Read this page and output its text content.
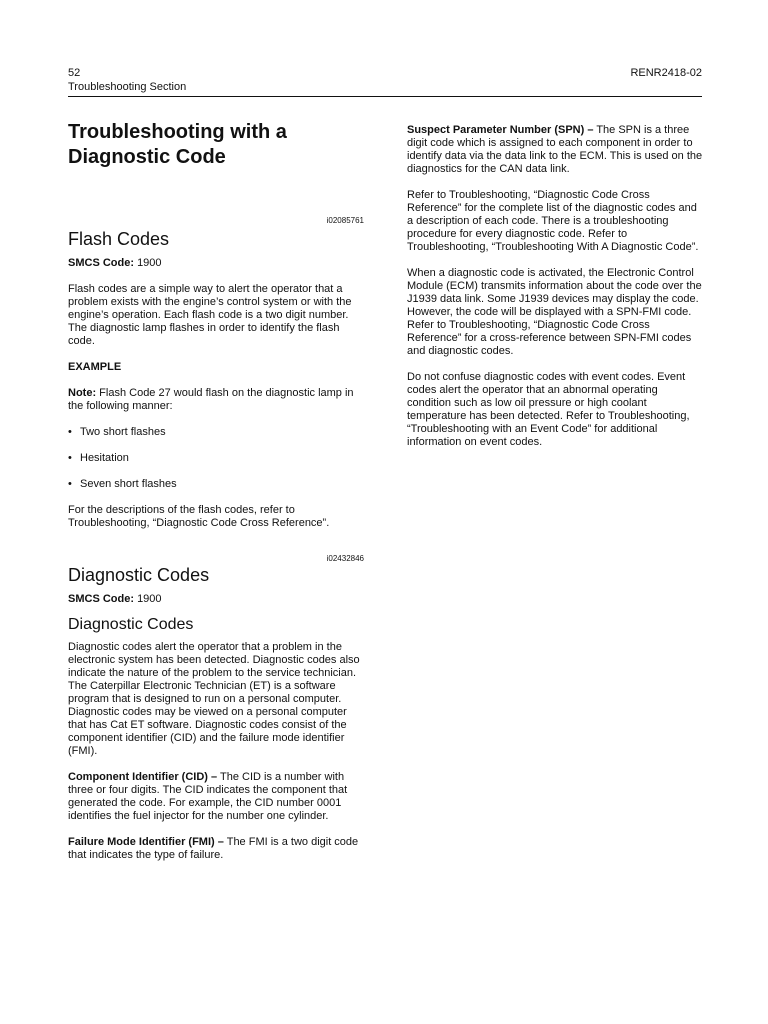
52
Troubleshooting Section
RENR2418-02
Troubleshooting with a Diagnostic Code

i02085761

Flash Codes

SMCS Code: 1900

Flash codes are a simple way to alert the operator that a problem exists with the engine’s control system or with the engine’s operation. Each flash code is a two digit number. The diagnostic lamp flashes in order to identify the flash code.

EXAMPLE

Note: Flash Code 27 would flash on the diagnostic lamp in the following manner:

• Two short flashes
• Hesitation
• Seven short flashes

For the descriptions of the flash codes, refer to Troubleshooting, “Diagnostic Code Cross Reference”.

i02432846

Diagnostic Codes

SMCS Code: 1900

Diagnostic Codes

Diagnostic codes alert the operator that a problem in the electronic system has been detected. Diagnostic codes also indicate the nature of the problem to the service technician. The Caterpillar Electronic Technician (ET) is a software program that is designed to run on a personal computer. Diagnostic codes may be viewed on a personal computer that has Cat ET software. Diagnostic codes consist of the component identifier (CID) and the failure mode identifier (FMI).

Component Identifier (CID) – The CID is a number with three or four digits. The CID indicates the component that generated the code. For example, the CID number 0001 identifies the fuel injector for the number one cylinder.

Failure Mode Identifier (FMI) – The FMI is a two digit code that indicates the type of failure.

Suspect Parameter Number (SPN) – The SPN is a three digit code which is assigned to each component in order to identify data via the data link to the ECM. This is used on the diagnostics for the CAN data link.

Refer to Troubleshooting, “Diagnostic Code Cross Reference” for the complete list of the diagnostic codes and a description of each code. There is a troubleshooting procedure for every diagnostic code. Refer to Troubleshooting, “Troubleshooting With A Diagnostic Code”.

When a diagnostic code is activated, the Electronic Control Module (ECM) transmits information about the code over the J1939 data link. Some J1939 devices may display the code. However, the code will be displayed with a SPN-FMI code. Refer to Troubleshooting, “Diagnostic Code Cross Reference” for a cross-reference between SPN-FMI codes and diagnostic codes.

Do not confuse diagnostic codes with event codes. Event codes alert the operator that an abnormal operating condition such as low oil pressure or high coolant temperature has been detected. Refer to Troubleshooting, “Troubleshooting with an Event Code” for additional information on event codes.
